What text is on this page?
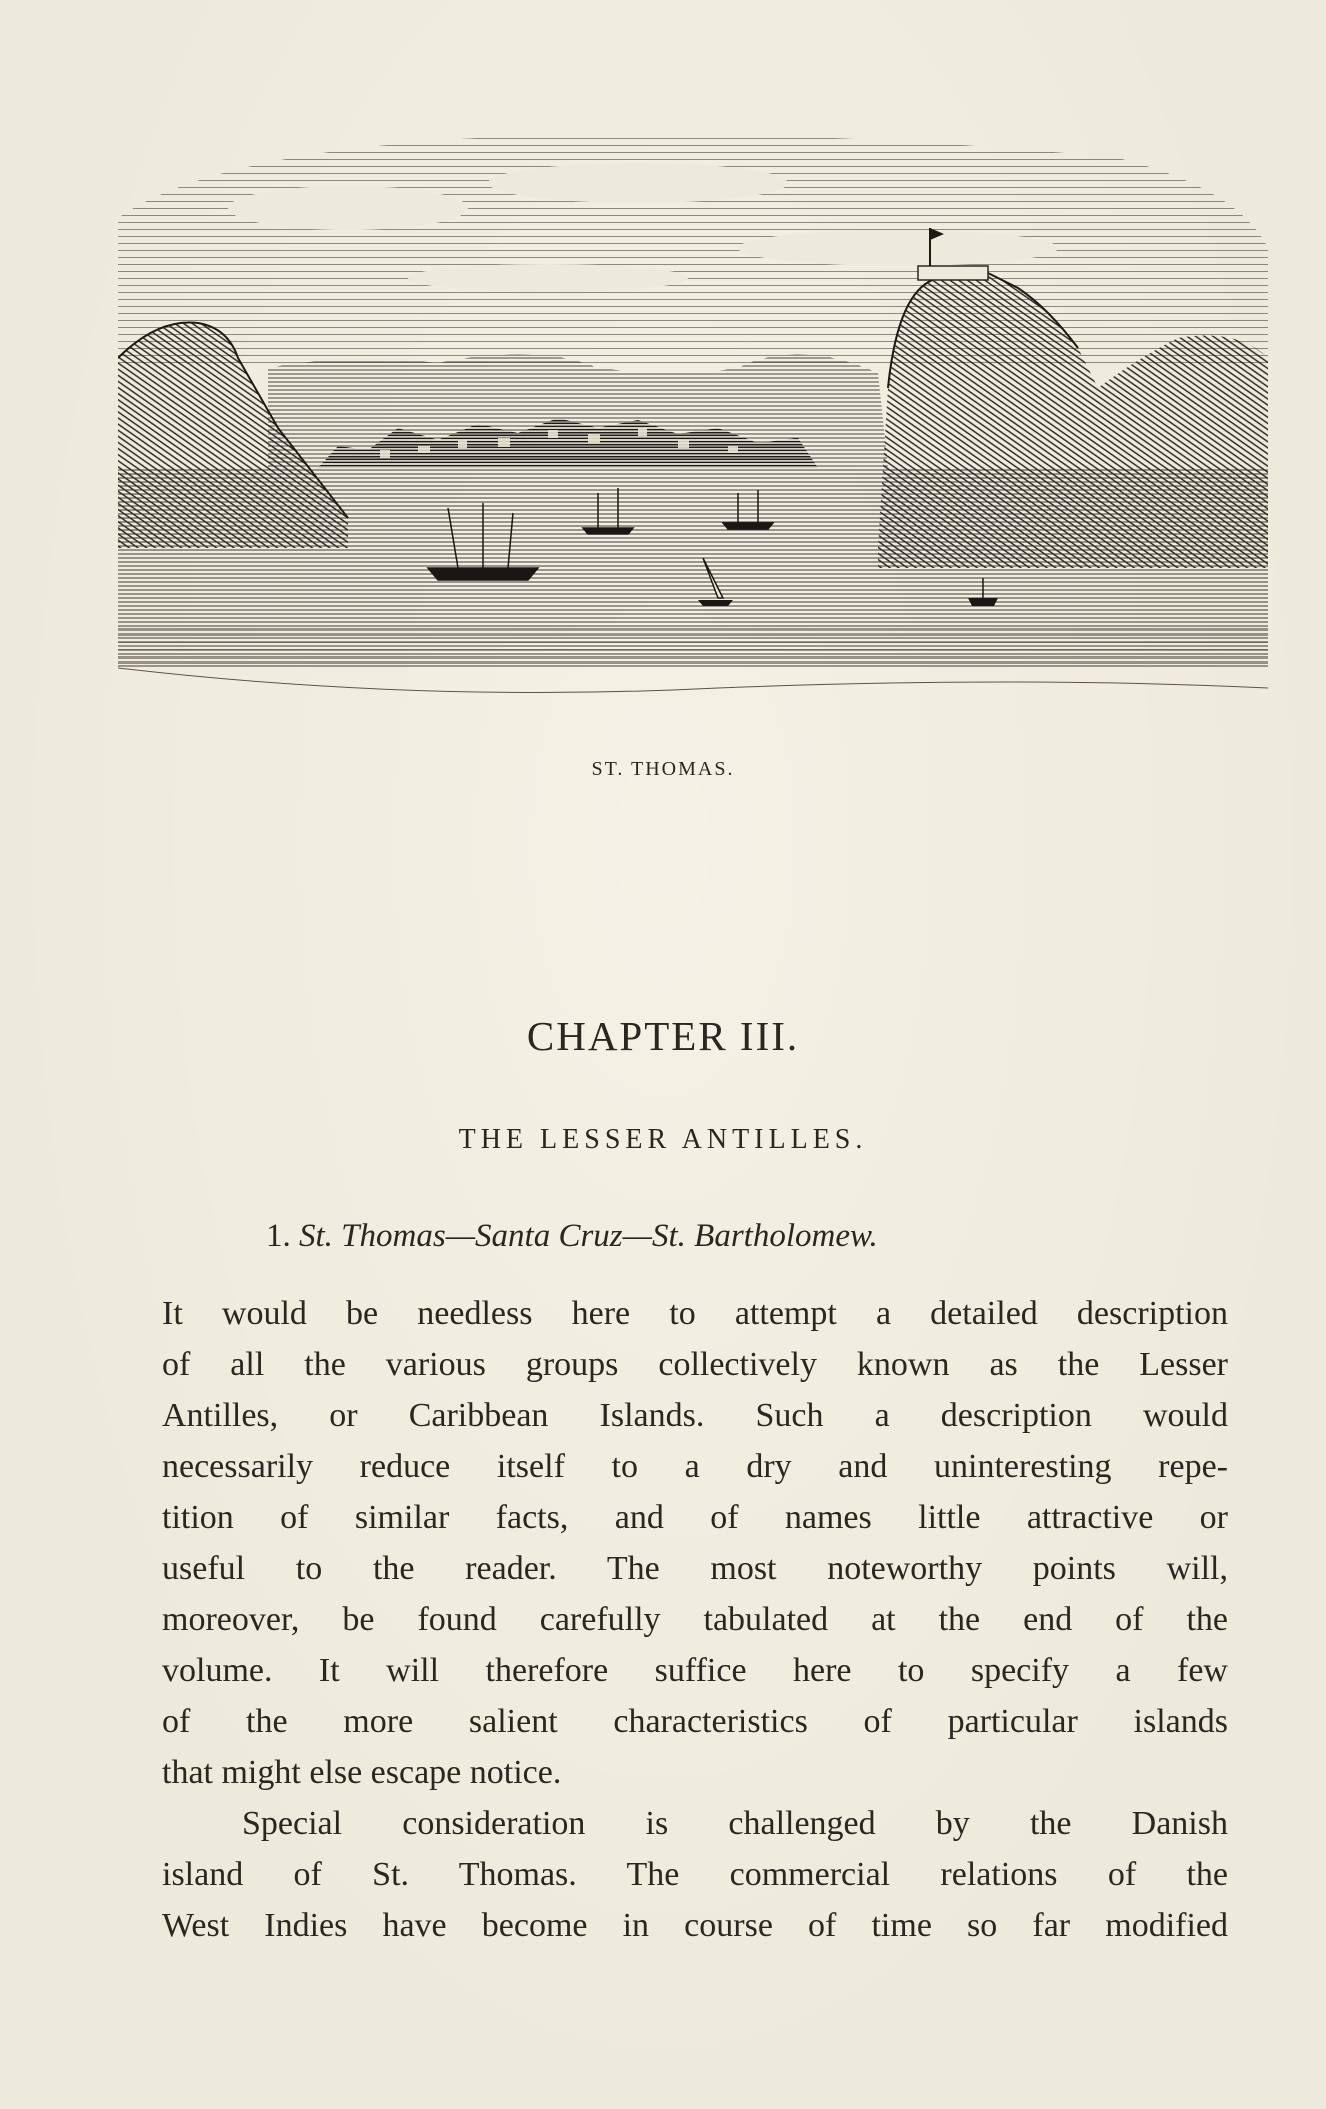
ST. THOMAS.
CHAPTER III.
THE LESSER ANTILLES.
1. St. Thomas—Santa Cruz—St. Bartholomew.
It would be needless here to attempt a detailed description
of all the various groups collectively known as the Lesser
Antilles, or Caribbean Islands. Such a description would
necessarily reduce itself to a dry and uninteresting repe-
tition of similar facts, and of names little attractive or
useful to the reader. The most noteworthy points will,
moreover, be found carefully tabulated at the end of the
volume. It will therefore suffice here to specify a few
of the more salient characteristics of particular islands
that might else escape notice.
Special consideration is challenged by the Danish
island of St. Thomas. The commercial relations of the
West Indies have become in course of time so far modified
